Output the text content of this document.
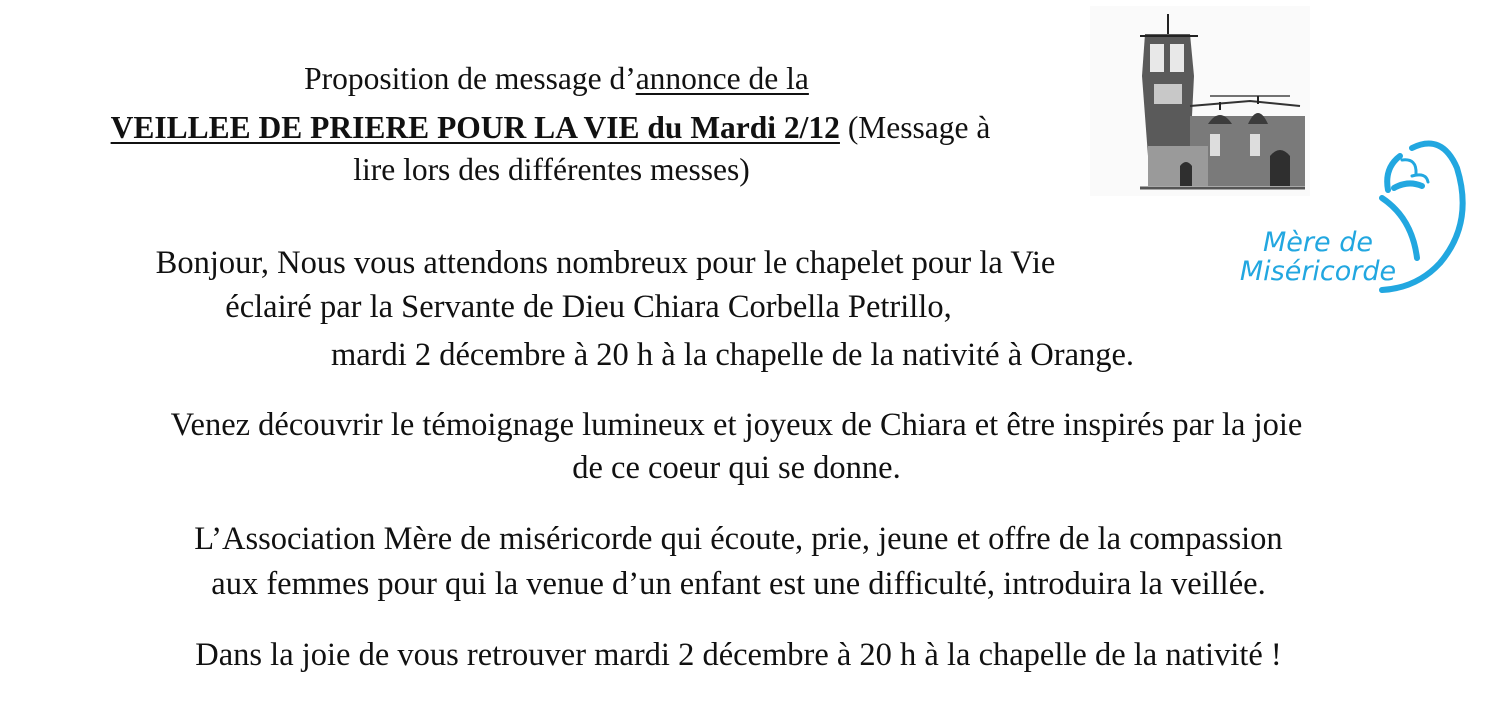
Proposition de message d’annonce de la
VEILLEE DE PRIERE POUR LA VIE du Mardi 2/12 (Message à
lire lors des différentes messes)
Bonjour, Nous vous attendons nombreux pour le chapelet pour la Vie
éclairé par la Servante de Dieu Chiara Corbella Petrillo,
mardi 2 décembre à 20 h à la chapelle de la nativité à Orange.
Venez découvrir le témoignage lumineux et joyeux de Chiara et être inspirés par la joie
de ce coeur qui se donne.
L’Association Mère de miséricorde qui écoute, prie, jeune et offre de la compassion
aux femmes pour qui la venue d’un enfant est une difficulté, introduira la veillée.
Dans la joie de vous retrouver mardi 2 décembre à 20 h à la chapelle de la nativité !
Mère de
Miséricorde
